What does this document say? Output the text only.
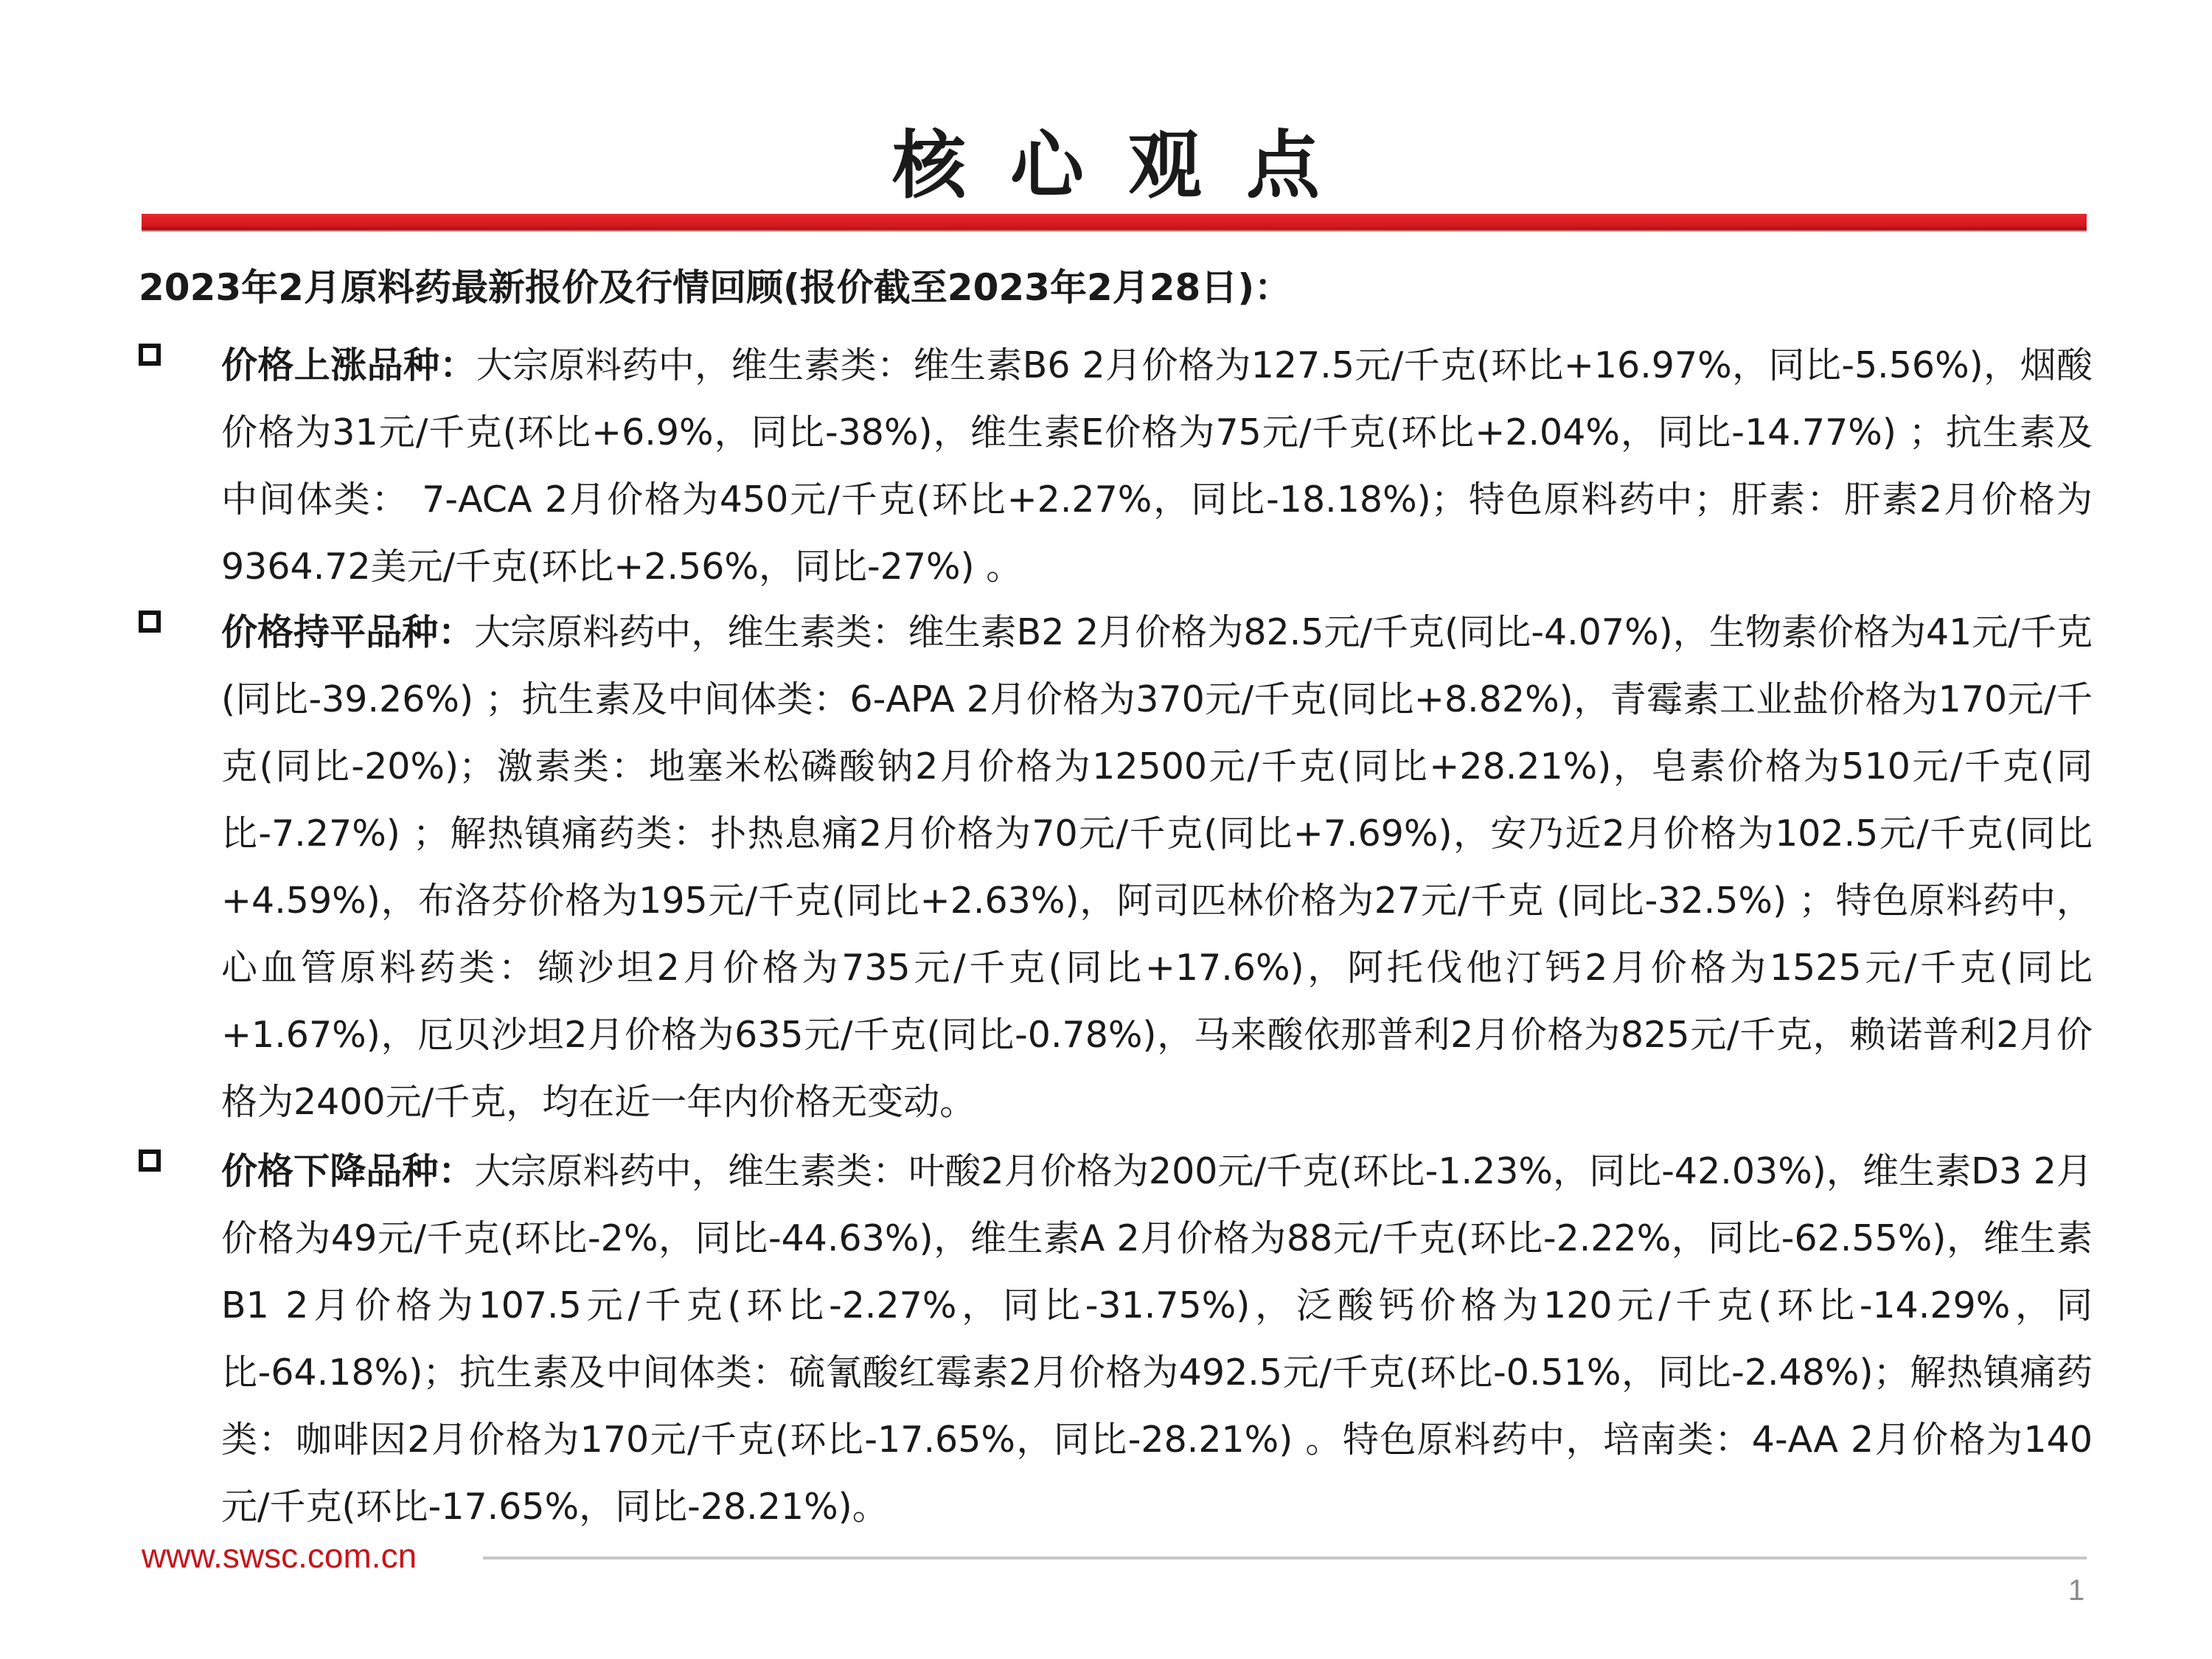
核心观点
2023年2月原料药最新报价及行情回顾(报价截至2023年2月28日)：
价格上涨品种：大宗原料药中，维生素类：维生素B6 2月价格为127.5元/千克(环比+16.97%，同比-5.56%)，烟酸价格为31元/千克(环比+6.9%，同比-38%)，维生素E价格为75元/千克(环比+2.04%，同比-14.77%) ；抗生素及中间体类： 7-ACA 2月价格为450元/千克(环比+2.27%，同比-18.18%)；特色原料药中；肝素：肝素2月价格为9364.72美元/千克(环比+2.56%，同比-27%) 。
价格持平品种：大宗原料药中，维生素类：维生素B2 2月价格为82.5元/千克(同比-4.07%)，生物素价格为41元/千克(同比-39.26%) ；抗生素及中间体类：6-APA 2月价格为370元/千克(同比+8.82%)，青霉素工业盐价格为170元/千克(同比-20%)；激素类：地塞米松磷酸钠2月价格为12500元/千克(同比+28.21%)，皂素价格为510元/千克(同比-7.27%) ；解热镇痛药类：扑热息痛2月价格为70元/千克(同比+7.69%)，安乃近2月价格为102.5元/千克(同比+4.59%)，布洛芬价格为195元/千克(同比+2.63%)，阿司匹林价格为27元/千克 (同比-32.5%) ；特色原料药中，心血管原料药类：缬沙坦2月价格为735元/千克(同比+17.6%)，阿托伐他汀钙2月价格为1525元/千克(同比+1.67%)，厄贝沙坦2月价格为635元/千克(同比-0.78%)，马来酸依那普利2月价格为825元/千克，赖诺普利2月价格为2400元/千克，均在近一年内价格无变动。
价格下降品种：大宗原料药中，维生素类：叶酸2月价格为200元/千克(环比-1.23%，同比-42.03%)，维生素D3 2月价格为49元/千克(环比-2%，同比-44.63%)，维生素A 2月价格为88元/千克(环比-2.22%，同比-62.55%)，维生素B1 2月价格为107.5元/千克(环比-2.27%，同比-31.75%)，泛酸钙价格为120元/千克(环比-14.29%，同比-64.18%)；抗生素及中间体类：硫氰酸红霉素2月价格为492.5元/千克(环比-0.51%，同比-2.48%)；解热镇痛药类：咖啡因2月价格为170元/千克(环比-17.65%，同比-28.21%) 。特色原料药中，培南类：4-AA 2月价格为140元/千克(环比-17.65%，同比-28.21%)。
www.swsc.com.cn
1
